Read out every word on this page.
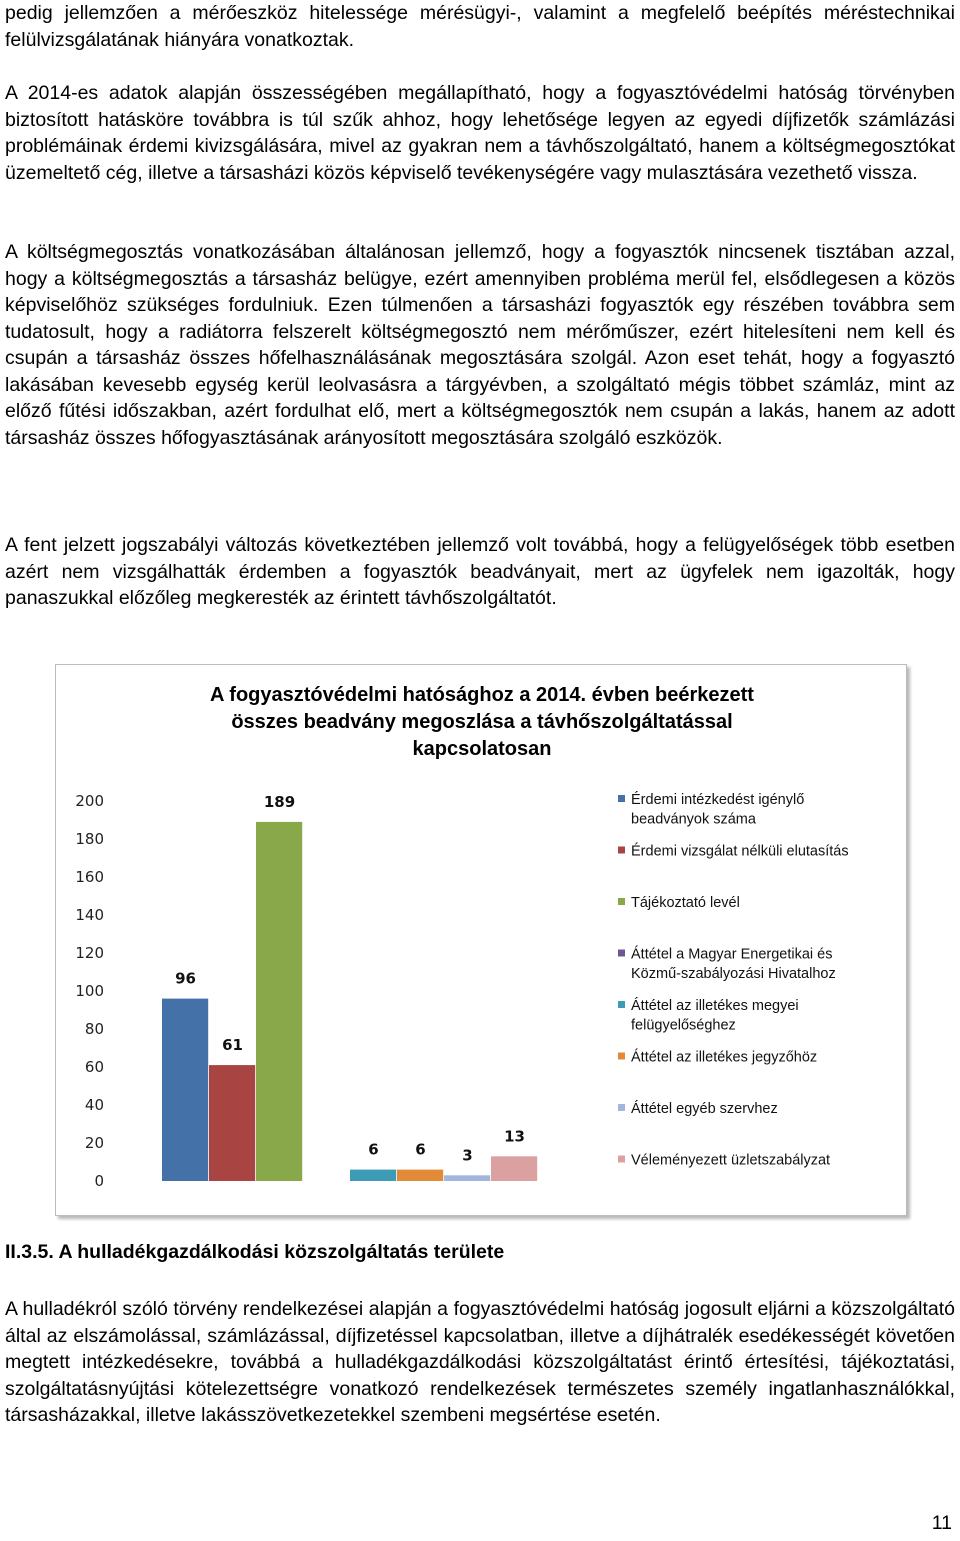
pedig jellemzően a mérőeszköz hitelessége mérésügyi-, valamint a megfelelő beépítés méréstechnikai felülvizsgálatának hiányára vonatkoztak.

A 2014-es adatok alapján összességében megállapítható, hogy a fogyasztóvédelmi hatóság törvényben biztosított hatásköre továbbra is túl szűk ahhoz, hogy lehetősége legyen az egyedi díjfizetők számlázási problémáinak érdemi kivizsgálására, mivel az gyakran nem a távhőszolgáltató, hanem a költségmegosztókat üzemeltető cég, illetve a társasházi közös képviselő tevékenységére vagy mulasztására vezethető vissza.

A költségmegosztás vonatkozásában általánosan jellemző, hogy a fogyasztók nincsenek tisztában azzal, hogy a költségmegosztás a társasház belügye, ezért amennyiben probléma merül fel, elsődlegesen a közös képviselőhöz szükséges fordulniuk. Ezen túlmenően a társasházi fogyasztók egy részében továbbra sem tudatosult, hogy a radiátorra felszerelt költségmegosztó nem mérőműszer, ezért hitelesíteni nem kell és csupán a társasház összes hőfelhasználásának megosztására szolgál. Azon eset tehát, hogy a fogyasztó lakásában kevesebb egység kerül leolvasásra a tárgyévben, a szolgáltató mégis többet számláz, mint az előző fűtési időszakban, azért fordulhat elő, mert a költségmegosztók nem csupán a lakás, hanem az adott társasház összes hőfogyasztásának arányosított megosztására szolgáló eszközök.

A fent jelzett jogszabályi változás következtében jellemző volt továbbá, hogy a felügyelőségek több esetben azért nem vizsgálhatták érdemben a fogyasztók beadványait, mert az ügyfelek nem igazolták, hogy panaszukkal előzőleg megkeresték az érintett távhőszolgáltatót.

A fogyasztóvédelmi hatósághoz a 2014. évben beérkezett
összes beadvány megoszlása a távhőszolgáltatással
kapcsolatosan
0
20
40
60
80
100
120
140
160
180
200
96
61
189
6 6 3
13
Érdemi intézkedést igénylő
beadványok száma
Érdemi vizsgálat nélküli elutasítás
Tájékoztató levél
Áttétel a Magyar Energetikai és
Közmű-szabályozási Hivatalhoz
Áttétel az illetékes megyei
felügyelőséghez
Áttétel az illetékes jegyzőhöz
Áttétel egyéb szervhez
Véleményezett üzletszabályzat
II.3.5. A hulladékgazdálkodási közszolgáltatás területe

A hulladékról szóló törvény rendelkezései alapján a fogyasztóvédelmi hatóság jogosult eljárni a közszolgáltató által az elszámolással, számlázással, díjfizetéssel kapcsolatban, illetve a díjhátralék esedékességét követően megtett intézkedésekre, továbbá a hulladékgazdálkodási közszolgáltatást érintő értesítési, tájékoztatási, szolgáltatásnyújtási kötelezettségre vonatkozó rendelkezések természetes személy ingatlanhasználókkal, társasházakkal, illetve lakásszövetkezetekkel szembeni megsértése esetén.

11
